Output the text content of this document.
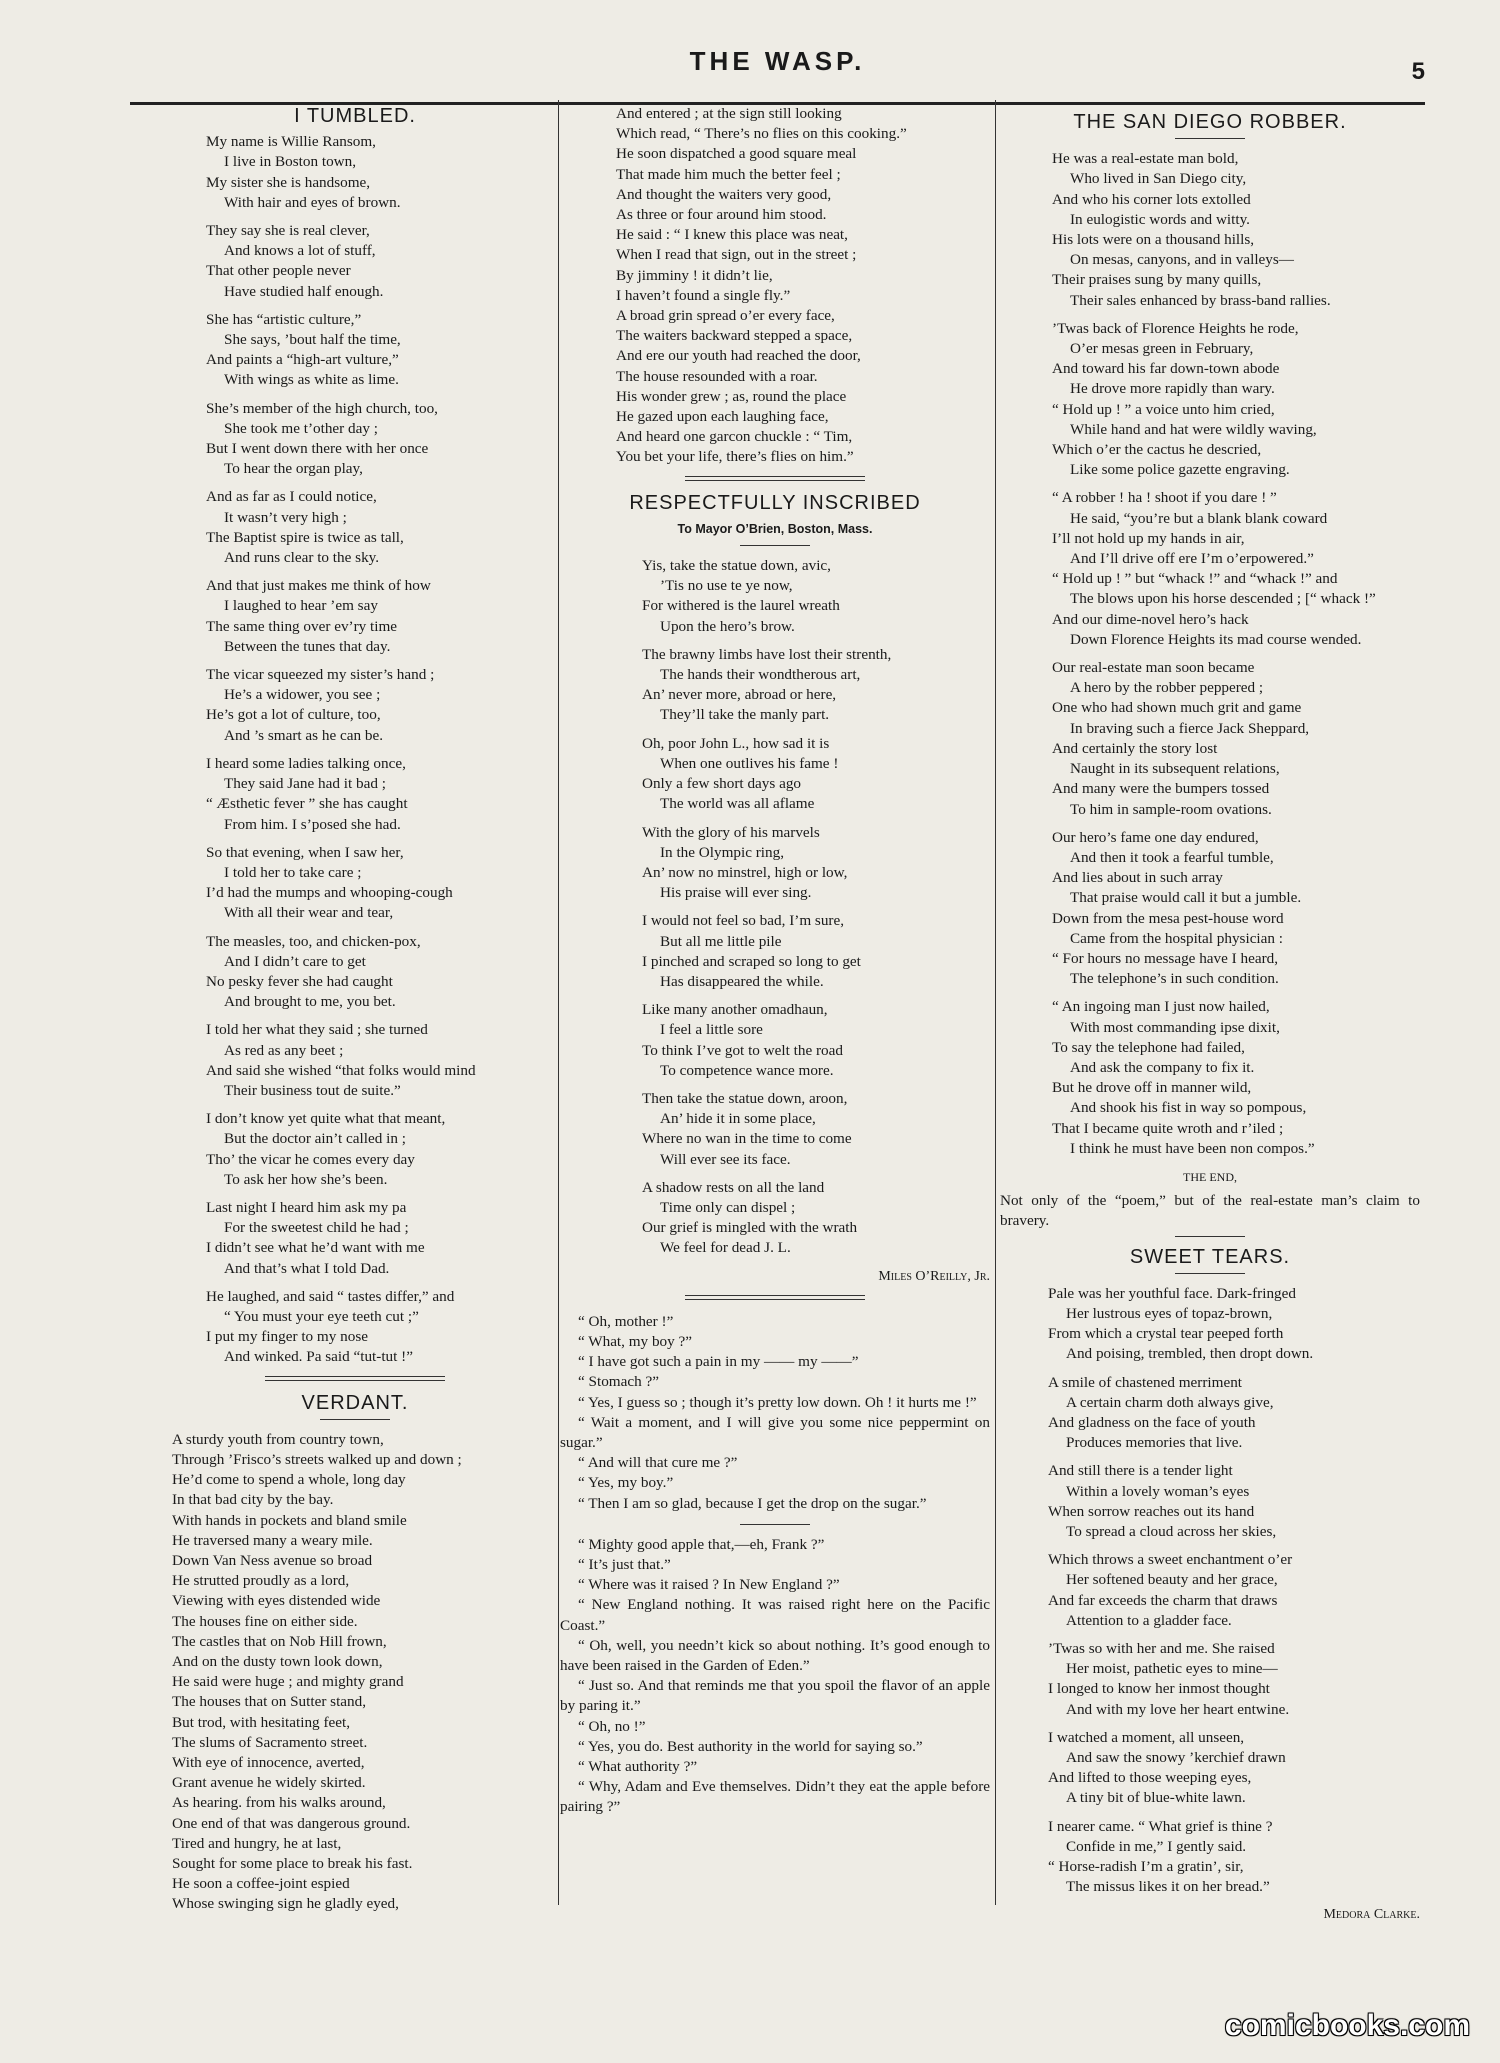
THE WASP.	5
I TUMBLED.
My name is Willie Ransom,
I live in Boston town,
My sister she is handsome,
With hair and eyes of brown.
They say she is real clever,
And knows a lot of stuff,
That other people never
Have studied half enough.
She has “artistic culture,”
She says, ’bout half the time,
And paints a “high-art vulture,”
With wings as white as lime.
She’s member of the high church, too,
She took me t’other day ;
But I went down there with her once
To hear the organ play,
And as far as I could notice,
It wasn’t very high ;
The Baptist spire is twice as tall,
And runs clear to the sky.
And that just makes me think of how
I laughed to hear ’em say
The same thing over ev’ry time
Between the tunes that day.
The vicar squeezed my sister’s hand ;
He’s a widower, you see ;
He’s got a lot of culture, too,
And ’s smart as he can be.
I heard some ladies talking once,
They said Jane had it bad ;
“ Æsthetic fever ” she has caught
From him. I s’posed she had.
So that evening, when I saw her,
I told her to take care ;
I’d had the mumps and whooping-cough
With all their wear and tear,
The measles, too, and chicken-pox,
And I didn’t care to get
No pesky fever she had caught
And brought to me, you bet.
I told her what they said ; she turned
As red as any beet ;
And said she wished “that folks would mind
Their business tout de suite.”
I don’t know yet quite what that meant,
But the doctor ain’t called in ;
Tho’ the vicar he comes every day
To ask her how she’s been.
Last night I heard him ask my pa
For the sweetest child he had ;
I didn’t see what he’d want with me
And that’s what I told Dad.
He laughed, and said “ tastes differ,” and
“ You must your eye teeth cut ;”
I put my finger to my nose
And winked. Pa said “tut-tut !”
VERDANT.
A sturdy youth from country town,
Through ’Frisco’s streets walked up and down ;
He’d come to spend a whole, long day
In that bad city by the bay.
With hands in pockets and bland smile
He traversed many a weary mile.
Down Van Ness avenue so broad
He strutted proudly as a lord,
Viewing with eyes distended wide
The houses fine on either side.
The castles that on Nob Hill frown,
And on the dusty town look down,
He said were huge ; and mighty grand
The houses that on Sutter stand,
But trod, with hesitating feet,
The slums of Sacramento street.
With eye of innocence, averted,
Grant avenue he widely skirted.
As hearing. from his walks around,
One end of that was dangerous ground.
Tired and hungry, he at last,
Sought for some place to break his fast.
He soon a coffee-joint espied
Whose swinging sign he gladly eyed,
And entered ; at the sign still looking
Which read, “ There’s no flies on this cooking.”
He soon dispatched a good square meal
That made him much the better feel ;
And thought the waiters very good,
As three or four around him stood.
He said : “ I knew this place was neat,
When I read that sign, out in the street ;
By jimminy ! it didn’t lie,
I haven’t found a single fly.”
A broad grin spread o’er every face,
The waiters backward stepped a space,
And ere our youth had reached the door,
The house resounded with a roar.
His wonder grew ; as, round the place
He gazed upon each laughing face,
And heard one garcon chuckle : “ Tim,
You bet your life, there’s flies on him.”
RESPECTFULLY INSCRIBED
To Mayor O’Brien, Boston, Mass.
Yis, take the statue down, avic,
’Tis no use te ye now,
For withered is the laurel wreath
Upon the hero’s brow.
The brawny limbs have lost their strenth,
The hands their wondtherous art,
An’ never more, abroad or here,
They’ll take the manly part.
Oh, poor John L., how sad it is
When one outlives his fame !
Only a few short days ago
The world was all aflame
With the glory of his marvels
In the Olympic ring,
An’ now no minstrel, high or low,
His praise will ever sing.
I would not feel so bad, I’m sure,
But all me little pile
I pinched and scraped so long to get
Has disappeared the while.
Like many another omadhaun,
I feel a little sore
To think I’ve got to welt the road
To competence wance more.
Then take the statue down, aroon,
An’ hide it in some place,
Where no wan in the time to come
Will ever see its face.
A shadow rests on all the land
Time only can dispel ;
Our grief is mingled with the wrath
We feel for dead J. L.
Miles O’Reilly, Jr.

“ Oh, mother !”

“ What, my boy ?”

“ I have got such a pain in my —— my ——”

“ Stomach ?”

“ Yes, I guess so ; though it’s pretty low down. Oh ! it hurts me !”

“ Wait a moment, and I will give you some nice peppermint on sugar.”

“ And will that cure me ?”

“ Yes, my boy.”

“ Then I am so glad, because I get the drop on the sugar.”

“ Mighty good apple that,—eh, Frank ?”

“ It’s just that.”

“ Where was it raised ? In New England ?”

“ New England nothing. It was raised right here on the Pacific Coast.”

“ Oh, well, you needn’t kick so about nothing. It’s good enough to have been raised in the Garden of Eden.”

“ Just so. And that reminds me that you spoil the flavor of an apple by paring it.”

“ Oh, no !”

“ Yes, you do. Best authority in the world for saying so.”

“ What authority ?”

“ Why, Adam and Eve themselves. Didn’t they eat the apple before pairing ?”

THE SAN DIEGO ROBBER.
He was a real-estate man bold,
Who lived in San Diego city,
And who his corner lots extolled
In eulogistic words and witty.
His lots were on a thousand hills,
On mesas, canyons, and in valleys—
Their praises sung by many quills,
Their sales enhanced by brass-band rallies.
’Twas back of Florence Heights he rode,
O’er mesas green in February,
And toward his far down-town abode
He drove more rapidly than wary.
“ Hold up ! ” a voice unto him cried,
While hand and hat were wildly waving,
Which o’er the cactus he descried,
Like some police gazette engraving.
“ A robber ! ha ! shoot if you dare ! ”
He said, “you’re but a blank blank coward
I’ll not hold up my hands in air,
And I’ll drive off ere I’m o’erpowered.”
“ Hold up ! ” but “whack !” and “whack !” and
The blows upon his horse descended ; [“ whack !”
And our dime-novel hero’s hack
Down Florence Heights its mad course wended.
Our real-estate man soon became
A hero by the robber peppered ;
One who had shown much grit and game
In braving such a fierce Jack Sheppard,
And certainly the story lost
Naught in its subsequent relations,
And many were the bumpers tossed
To him in sample-room ovations.
Our hero’s fame one day endured,
And then it took a fearful tumble,
And lies about in such array
That praise would call it but a jumble.
Down from the mesa pest-house word
Came from the hospital physician :
“ For hours no message have I heard,
The telephone’s in such condition.
“ An ingoing man I just now hailed,
With most commanding ipse dixit,
To say the telephone had failed,
And ask the company to fix it.
But he drove off in manner wild,
And shook his fist in way so pompous,
That I became quite wroth and r’iled ;
I think he must have been non compos.”
THE END,
Not only of the “poem,” but of the real-estate man’s claim to bravery.
SWEET TEARS.
Pale was her youthful face. Dark-fringed
Her lustrous eyes of topaz-brown,
From which a crystal tear peeped forth
And poising, trembled, then dropt down.
A smile of chastened merriment
A certain charm doth always give,
And gladness on the face of youth
Produces memories that live.
And still there is a tender light
Within a lovely woman’s eyes
When sorrow reaches out its hand
To spread a cloud across her skies,
Which throws a sweet enchantment o’er
Her softened beauty and her grace,
And far exceeds the charm that draws
Attention to a gladder face.
’Twas so with her and me. She raised
Her moist, pathetic eyes to mine—
I longed to know her inmost thought
And with my love her heart entwine.
I watched a moment, all unseen,
And saw the snowy ’kerchief drawn
And lifted to those weeping eyes,
A tiny bit of blue-white lawn.
I nearer came. “ What grief is thine ?
Confide in me,” I gently said.
“ Horse-radish I’m a gratin’, sir,
The missus likes it on her bread.”
Medora Clarke.
comicbooks.com
